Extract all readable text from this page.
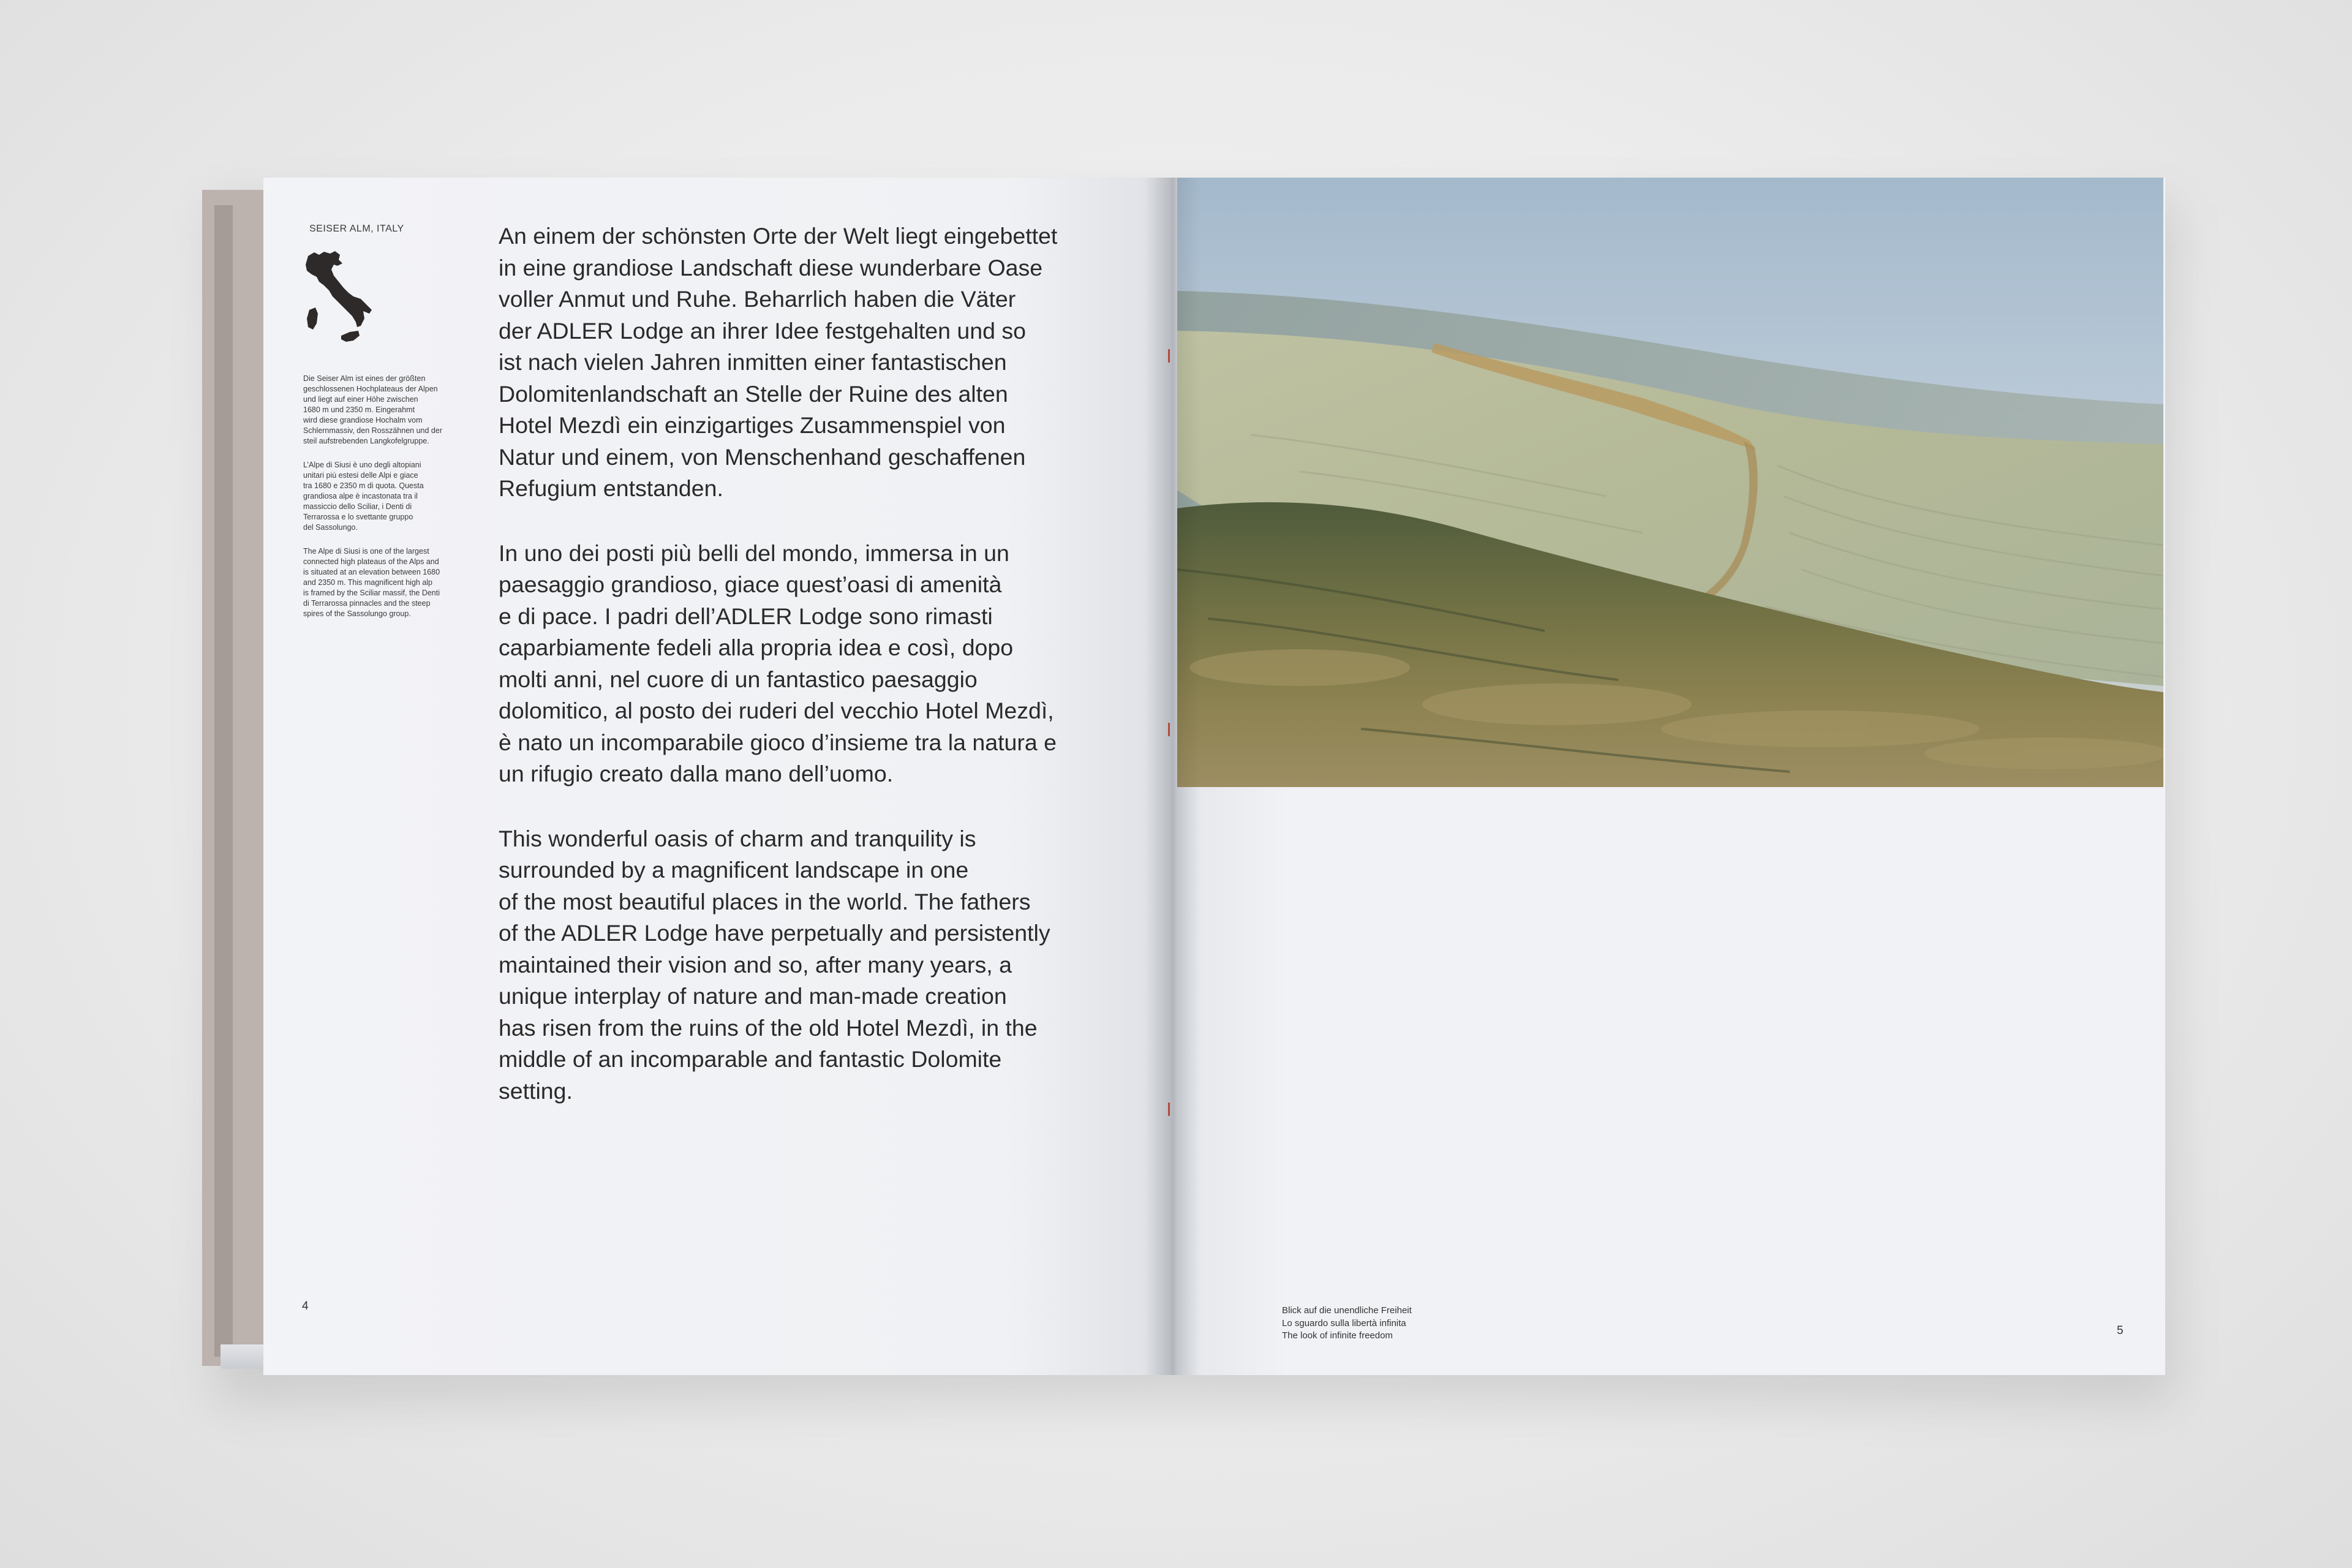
SEISER ALM, ITALY

Die Seiser Alm ist eines der größten
geschlossenen Hochplateaus der Alpen
und liegt auf einer Höhe zwischen
1680 m und 2350 m. Eingerahmt
wird diese grandiose Hochalm vom
Schlernmassiv, den Rosszähnen und der
steil aufstrebenden Langkofelgruppe.

L’Alpe di Siusi è uno degli altopiani
unitari più estesi delle Alpi e giace
tra 1680 e 2350 m di quota. Questa
grandiosa alpe è incastonata tra il
massiccio dello Sciliar, i Denti di
Terrarossa e lo svettante gruppo
del Sassolungo.

The Alpe di Siusi is one of the largest
connected high plateaus of the Alps and
is situated at an elevation between 1680
and 2350 m. This magnificent high alp
is framed by the Sciliar massif, the Denti
di Terrarossa pinnacles and the steep
spires of the Sassolungo group.

An einem der schönsten Orte der Welt liegt eingebettet
in eine grandiose Landschaft diese wunderbare Oase
voller Anmut und Ruhe. Beharrlich haben die Väter
der ADLER Lodge an ihrer Idee festgehalten und so
ist nach vielen Jahren inmitten einer fantastischen
Dolomitenlandschaft an Stelle der Ruine des alten
Hotel Mezdì ein einzigartiges Zusammenspiel von
Natur und einem, von Menschenhand geschaffenen
Refugium entstanden.

In uno dei posti più belli del mondo, immersa in un
paesaggio grandioso, giace quest’oasi di amenità
e di pace. I padri dell’ADLER Lodge sono rimasti
caparbiamente fedeli alla propria idea e così, dopo
molti anni, nel cuore di un fantastico paesaggio
dolomitico, al posto dei ruderi del vecchio Hotel Mezdì,
è nato un incomparabile gioco d’insieme tra la natura e
un rifugio creato dalla mano dell’uomo.

This wonderful oasis of charm and tranquility is
surrounded by a magnificent landscape in one
of the most beautiful places in the world. The fathers
of the ADLER Lodge have perpetually and persistently
maintained their vision and so, after many years, a
unique interplay of nature and man-made creation
has risen from the ruins of the old Hotel Mezdì, in the
middle of an incomparable and fantastic Dolomite
setting.

4	Blick auf die unendliche Freiheit
Lo sguardo sulla libertà infinita
The look of infinite freedom	5
